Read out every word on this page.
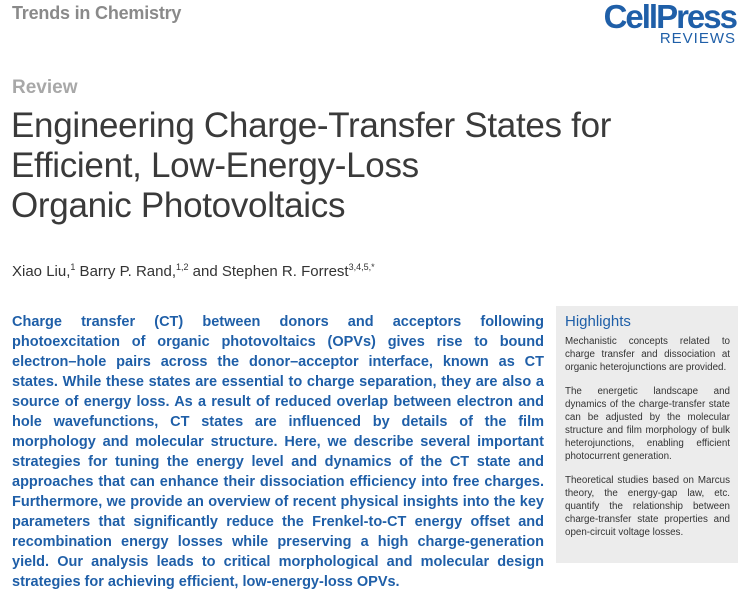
Trends in Chemistry	CellPress
REVIEWS
Review
Engineering Charge-Transfer States for
Efficient, Low-Energy-Loss
Organic Photovoltaics
Xiao Liu,$^1$ Barry P. Rand,$^{1,2}$ and Stephen R. Forrest$^{3,4,5,*}$
Charge transfer (CT) between donors and acceptors following photoexcitation of organic photovoltaics (OPVs) gives rise to bound electron–hole pairs across the donor–acceptor interface, known as CT states. While these states are essential to charge separation, they are also a source of energy loss. As a result of reduced overlap between electron and hole wavefunctions, CT states are influenced by details of the film morphology and molecular structure. Here, we describe several important strategies for tuning the energy level and dynamics of the CT state and approaches that can enhance their dissociation efficiency into free charges. Furthermore, we provide an overview of recent physical insights into the key parameters that significantly reduce the Frenkel-to-CT energy offset and recombination energy losses while preserving a high charge-generation yield. Our analysis leads to critical morphological and molecular design strategies for achieving efficient, low-energy-loss OPVs.
Highlights
Mechanistic concepts related to charge transfer and dissociation at organic heterojunctions are provided.
The energetic landscape and dynamics of the charge-transfer state can be adjusted by the molecular structure and film morphology of bulk heterojunctions, enabling efficient photocurrent generation.
Theoretical studies based on Marcus theory, the energy-gap law, etc. quantify the relationship between charge-transfer state properties and open-circuit voltage losses.
